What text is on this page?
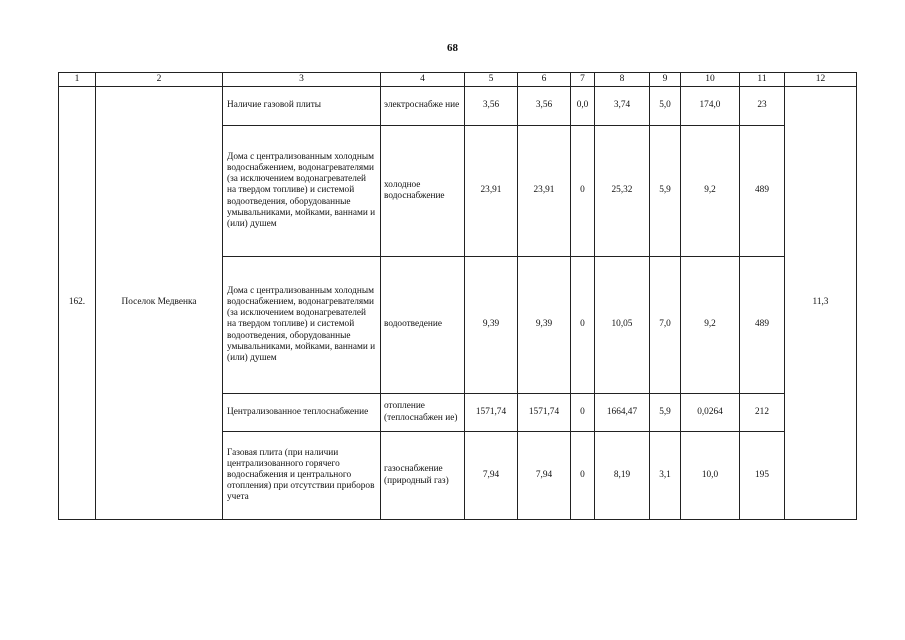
68
1	2	3	4	5	6	7	8	9	10	11	12
162.	Поселок Медвенка	Наличие газовой плиты	электроснабже ние	3,56	3,56	0,0	3,74	5,0	174,0	23	11,3
		Дома с централизованным холодным водоснабжением, водонагревателями (за исключением водонагревателей на твердом топливе) и системой водоотведения, оборудованные умывальниками, мойками, ваннами и (или) душем	холодное водоснабжение	23,91	23,91	0	25,32	5,9	9,2	489	
		Дома с централизованным холодным водоснабжением, водонагревателями (за исключением водонагревателей на твердом топливе) и системой водоотведения, оборудованные умывальниками, мойками, ваннами и (или) душем	водоотведение	9,39	9,39	0	10,05	7,0	9,2	489	
		Централизованное теплоснабжение	отопление (теплоснабжен ие)	1571,74	1571,74	0	1664,47	5,9	0,0264	212	
		Газовая плита (при наличии централизованного горячего водоснабжения и центрального отопления) при отсутствии приборов учета	газоснабжение (природный газ)	7,94	7,94	0	8,19	3,1	10,0	195	
